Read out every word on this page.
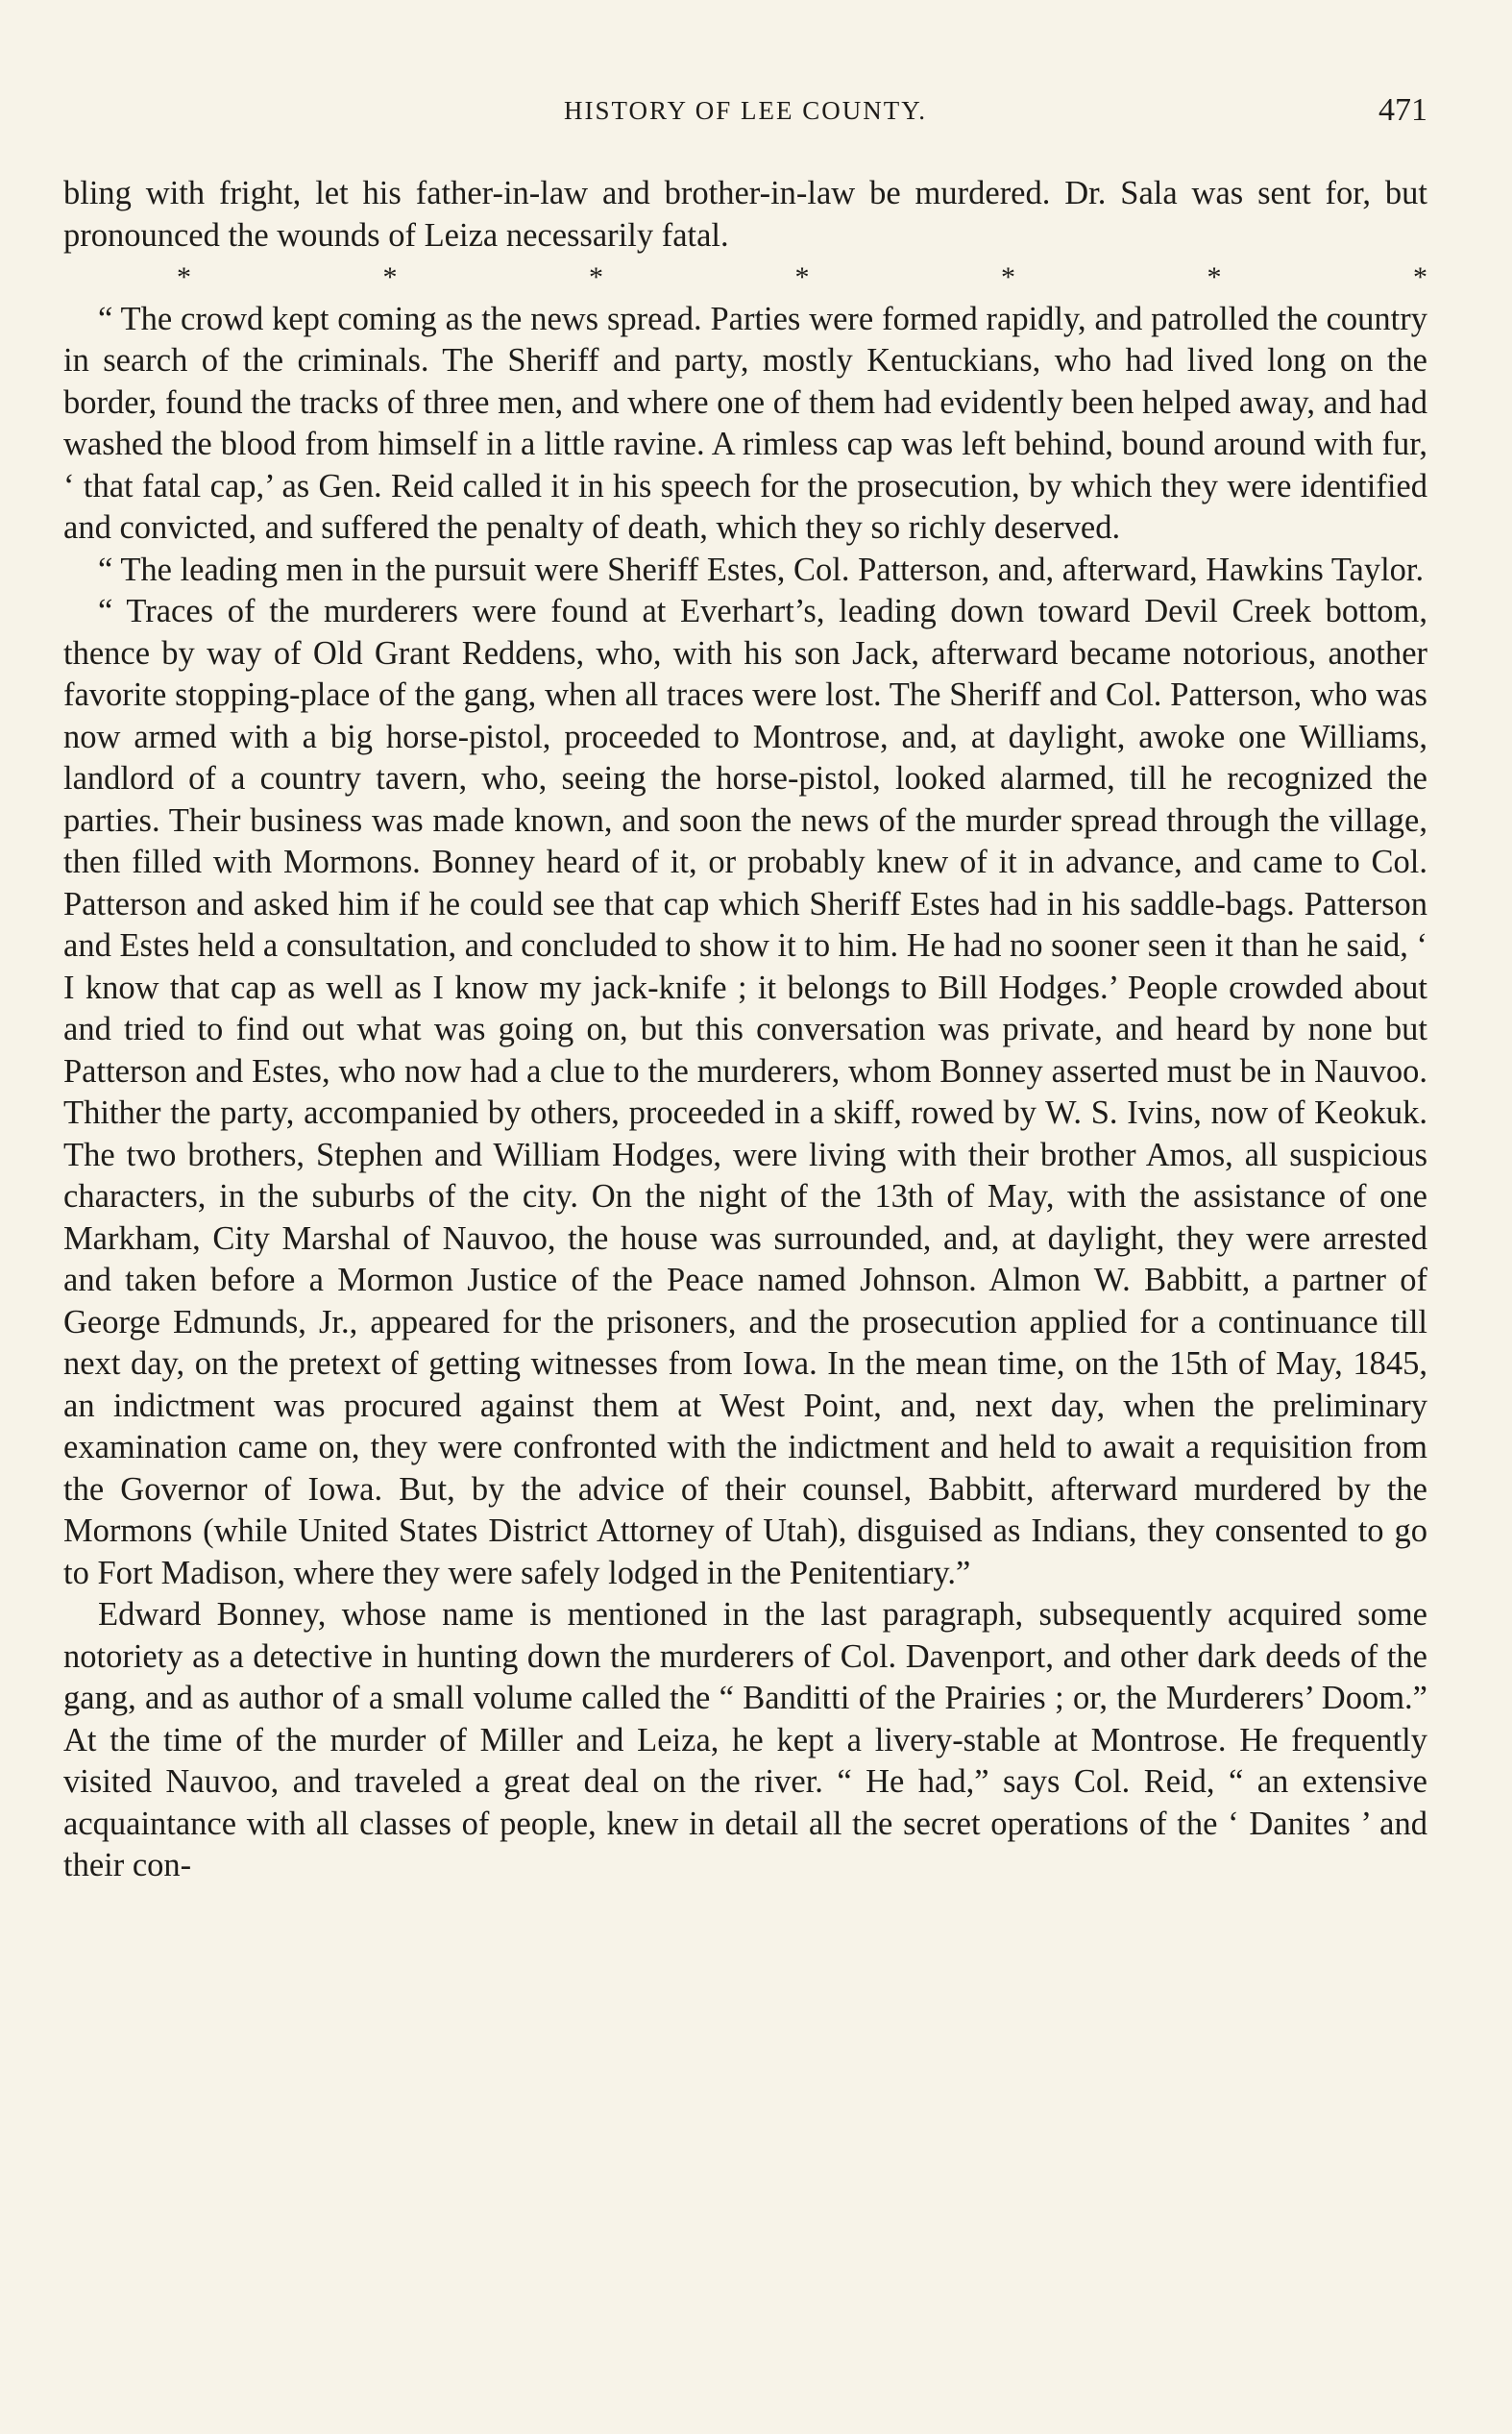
HISTORY OF LEE COUNTY.	471

bling with fright, let his father-in-law and brother-in-law be murdered. Dr. Sala was sent for, but pronounced the wounds of Leiza necessarily fatal.

*	*	*	*	*	*	*

“ The crowd kept coming as the news spread. Parties were formed rapidly, and patrolled the country in search of the criminals. The Sheriff and party, mostly Kentuckians, who had lived long on the border, found the tracks of three men, and where one of them had evidently been helped away, and had washed the blood from himself in a little ravine. A rimless cap was left behind, bound around with fur, ‘ that fatal cap,’ as Gen. Reid called it in his speech for the prosecution, by which they were identified and convicted, and suffered the penalty of death, which they so richly deserved.

“ The leading men in the pursuit were Sheriff Estes, Col. Patterson, and, afterward, Hawkins Taylor.

“ Traces of the murderers were found at Everhart’s, leading down toward Devil Creek bottom, thence by way of Old Grant Reddens, who, with his son Jack, afterward became notorious, another favorite stopping-place of the gang, when all traces were lost. The Sheriff and Col. Patterson, who was now armed with a big horse-pistol, proceeded to Montrose, and, at daylight, awoke one Williams, landlord of a country tavern, who, seeing the horse-pistol, looked alarmed, till he recognized the parties. Their business was made known, and soon the news of the murder spread through the village, then filled with Mormons. Bonney heard of it, or probably knew of it in advance, and came to Col. Patterson and asked him if he could see that cap which Sheriff Estes had in his saddle-bags. Patterson and Estes held a consultation, and concluded to show it to him. He had no sooner seen it than he said, ‘ I know that cap as well as I know my jack-knife ; it belongs to Bill Hodges.’ People crowded about and tried to find out what was going on, but this conversation was private, and heard by none but Patterson and Estes, who now had a clue to the murderers, whom Bonney asserted must be in Nauvoo. Thither the party, accompanied by others, proceeded in a skiff, rowed by W. S. Ivins, now of Keokuk. The two brothers, Stephen and William Hodges, were living with their brother Amos, all suspicious characters, in the suburbs of the city. On the night of the 13th of May, with the assistance of one Markham, City Marshal of Nauvoo, the house was surrounded, and, at daylight, they were arrested and taken before a Mormon Justice of the Peace named Johnson. Almon W. Babbitt, a partner of George Edmunds, Jr., appeared for the prisoners, and the prosecution applied for a continuance till next day, on the pretext of getting witnesses from Iowa. In the mean time, on the 15th of May, 1845, an indictment was procured against them at West Point, and, next day, when the preliminary examination came on, they were confronted with the indictment and held to await a requisition from the Governor of Iowa. But, by the advice of their counsel, Babbitt, afterward murdered by the Mormons (while United States District Attorney of Utah), disguised as Indians, they consented to go to Fort Madison, where they were safely lodged in the Penitentiary.”

Edward Bonney, whose name is mentioned in the last paragraph, subsequently acquired some notoriety as a detective in hunting down the murderers of Col. Davenport, and other dark deeds of the gang, and as author of a small volume called the “ Banditti of the Prairies ; or, the Murderers’ Doom.” At the time of the murder of Miller and Leiza, he kept a livery-stable at Montrose. He frequently visited Nauvoo, and traveled a great deal on the river. “ He had,” says Col. Reid, “ an extensive acquaintance with all classes of people, knew in detail all the secret operations of the ‘ Danites ’ and their con-
